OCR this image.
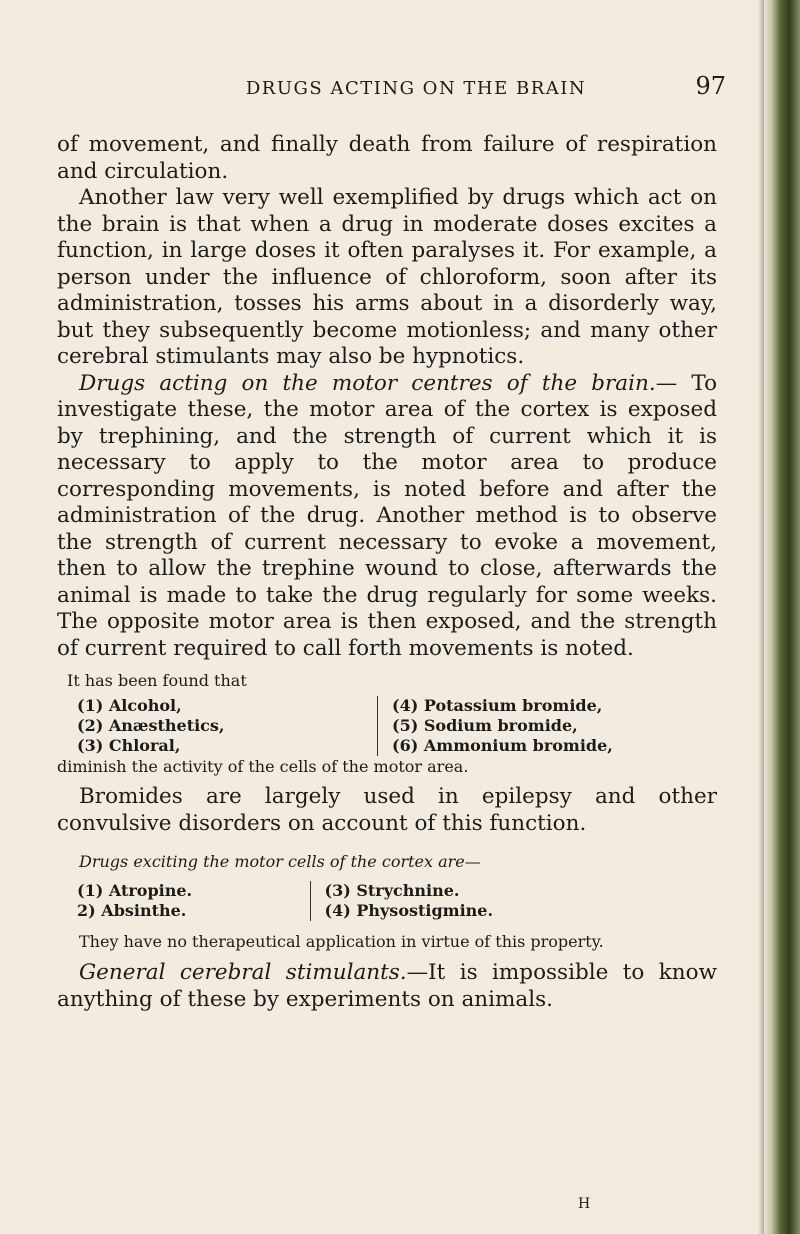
DRUGS ACTING ON THE BRAIN	97

of movement, and finally death from failure of respiration and circulation.

Another law very well exemplified by drugs which act on the brain is that when a drug in moderate doses excites a function, in large doses it often paralyses it. For example, a person under the influence of chloroform, soon after its administration, tosses his arms about in a disorderly way, but they subsequently become motionless; and many other cerebral stimulants may also be hypnotics.

Drugs acting on the motor centres of the brain.— To investigate these, the motor area of the cortex is exposed by trephining, and the strength of current which it is necessary to apply to the motor area to produce corresponding movements, is noted before and after the administration of the drug. Another method is to observe the strength of current necessary to evoke a movement, then to allow the trephine wound to close, afterwards the animal is made to take the drug regularly for some weeks. The opposite motor area is then exposed, and the strength of current required to call forth movements is noted.

It has been found that
(1) Alcohol,
(2) Anæsthetics,
(3) Chloral,
(4) Potassium bromide,
(5) Sodium bromide,
(6) Ammonium bromide,
diminish the activity of the cells of the motor area.

Bromides are largely used in epilepsy and other convulsive disorders on account of this function.

Drugs exciting the motor cells of the cortex are—
(1) Atropine.
2) Absinthe.
(3) Strychnine.
(4) Physostigmine.
They have no therapeutical application in virtue of this property.

General cerebral stimulants.—It is impossible to know anything of these by experiments on animals.

H
